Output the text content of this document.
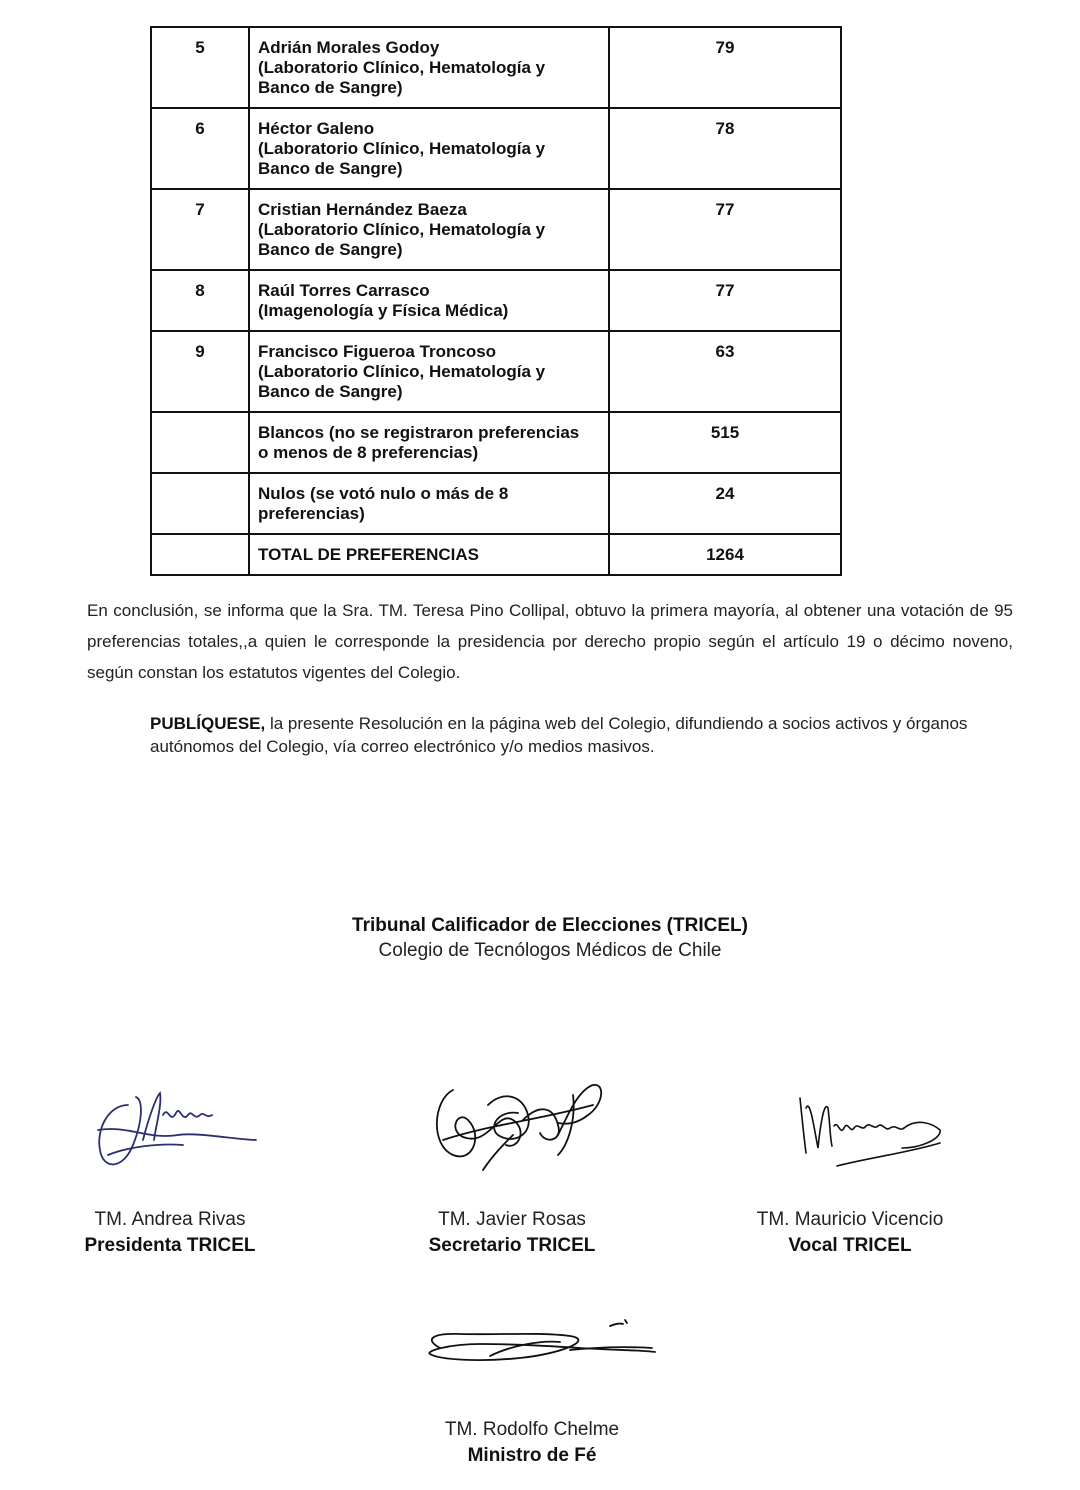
5	Adrián Morales Godoy
(Laboratorio Clínico, Hematología y
Banco de Sangre)	79
6	Héctor Galeno
(Laboratorio Clínico, Hematología y
Banco de Sangre)	78
7	Cristian Hernández Baeza
(Laboratorio Clínico, Hematología y
Banco de Sangre)	77
8	Raúl Torres Carrasco
(Imagenología y Física Médica)	77
9	Francisco Figueroa Troncoso
(Laboratorio Clínico, Hematología y
Banco de Sangre)	63

	Blancos (no se registraron preferencias
o menos de 8 preferencias)	515

	Nulos (se votó nulo o más de 8
preferencias)	24

	TOTAL DE PREFERENCIAS	1264

En conclusión, se informa que la Sra. TM. Teresa Pino Collipal, obtuvo la primera mayoría, al obtener una votación de 95 preferencias totales,,a quien le corresponde la presidencia por derecho propio según el artículo 19 o décimo noveno, según constan los estatutos vigentes del Colegio.

PUBLÍQUESE, la presente Resolución en la página web del Colegio, difundiendo a socios activos y órganos autónomos del Colegio, vía correo electrónico y/o medios masivos.

Tribunal Calificador de Elecciones (TRICEL)
Colegio de Tecnólogos Médicos de Chile
TM. Andrea Rivas
Presidenta TRICEL
TM. Javier Rosas
Secretario TRICEL
TM. Mauricio Vicencio
Vocal TRICEL
TM. Rodolfo Chelme
Ministro de Fé
